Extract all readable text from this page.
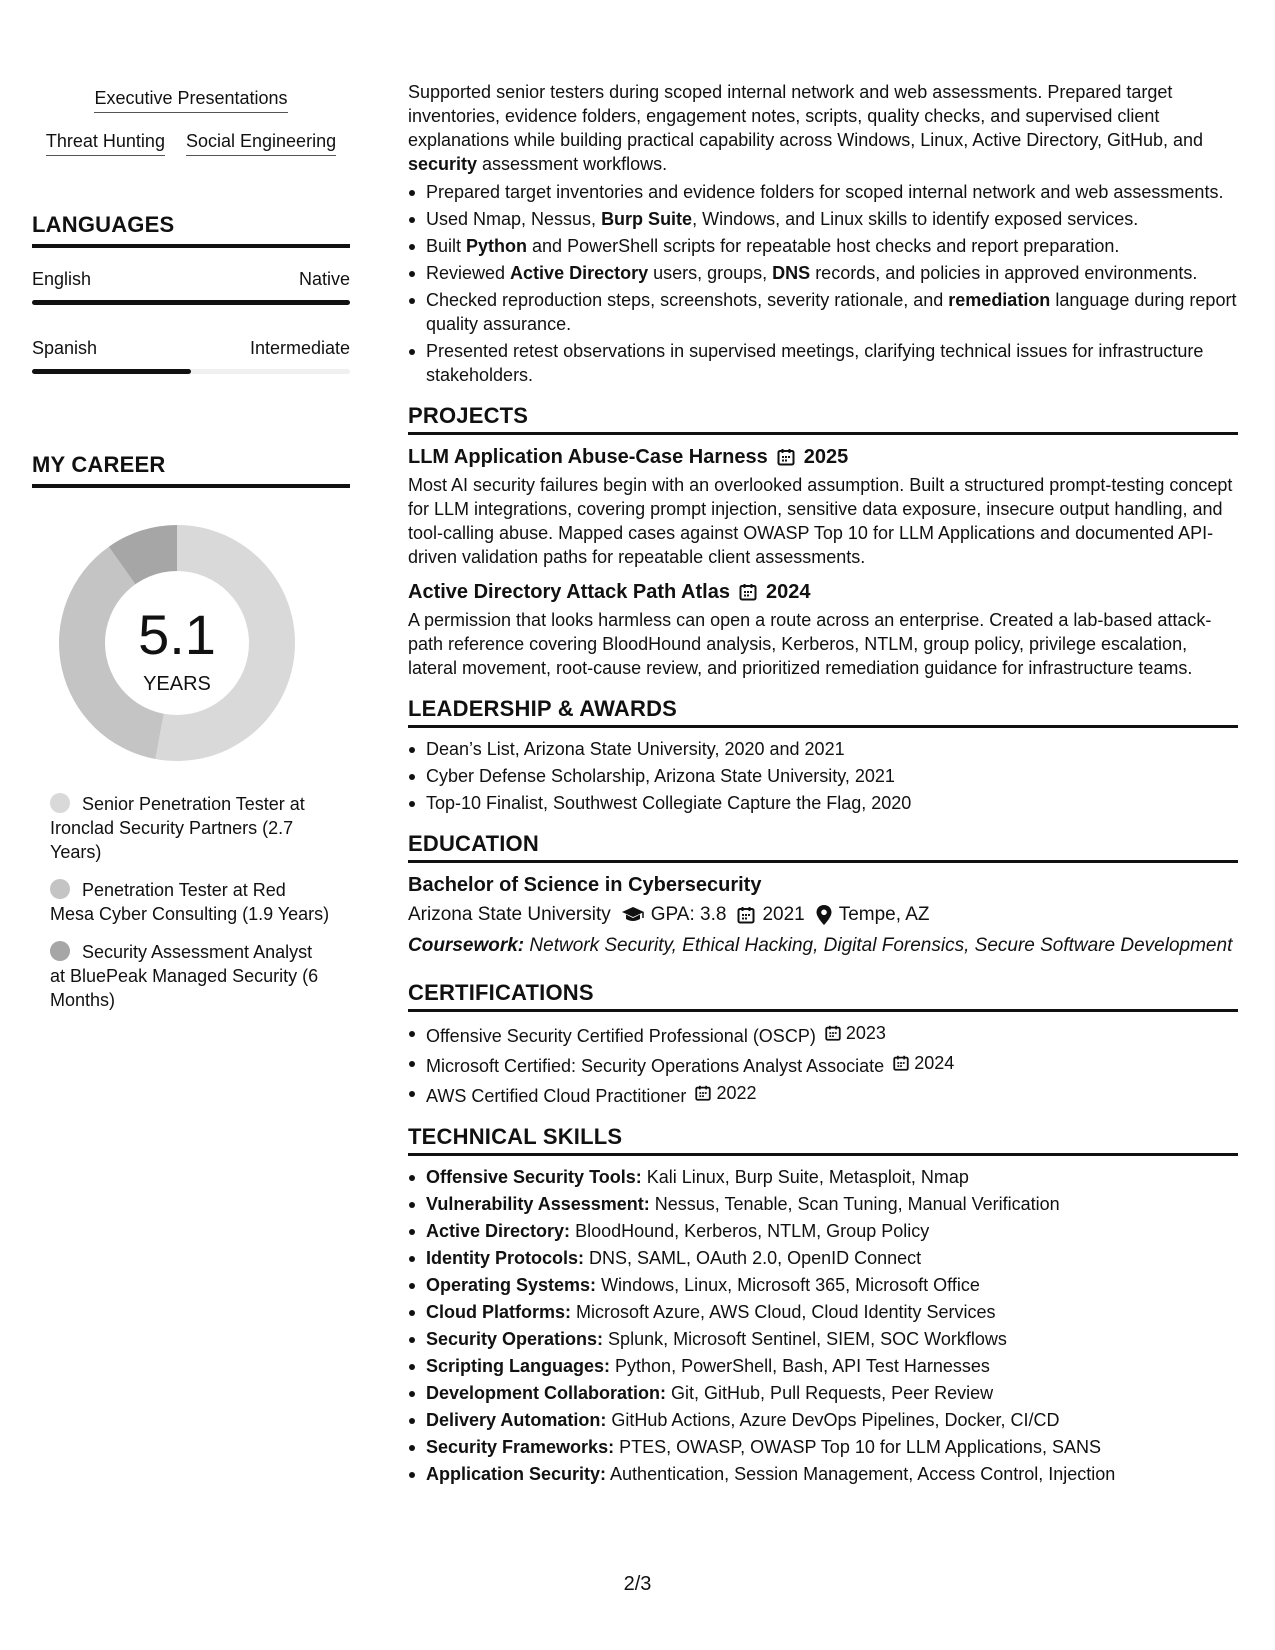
Executive Presentations
Threat Hunting Social Engineering
LANGUAGES
English	Native
Spanish	Intermediate
MY CAREER
5.1
YEARS
Senior Penetration Tester at Ironclad Security Partners (2.7 Years)
Penetration Tester at Red Mesa Cyber Consulting (1.9 Years)
Security Assessment Analyst at BluePeak Managed Security (6 Months)

Supported senior testers during scoped internal network and web assessments. Prepared target inventories, evidence folders, engagement notes, scripts, quality checks, and supervised client explanations while building practical capability across Windows, Linux, Active Directory, GitHub, and security assessment workflows.

Prepared target inventories and evidence folders for scoped internal network and web assessments.
Used Nmap, Nessus, Burp Suite, Windows, and Linux skills to identify exposed services.
Built Python and PowerShell scripts for repeatable host checks and report preparation.
Reviewed Active Directory users, groups, DNS records, and policies in approved environments.
Checked reproduction steps, screenshots, severity rationale, and remediation language during report quality assurance.
Presented retest observations in supervised meetings, clarifying technical issues for infrastructure stakeholders.
PROJECTS
LLM Application Abuse-Case Harness 2025

Most AI security failures begin with an overlooked assumption. Built a structured prompt-testing concept for LLM integrations, covering prompt injection, sensitive data exposure, insecure output handling, and tool-calling abuse. Mapped cases against OWASP Top 10 for LLM Applications and documented API-driven validation paths for repeatable client assessments.

Active Directory Attack Path Atlas 2024

A permission that looks harmless can open a route across an enterprise. Created a lab-based attack-path reference covering BloodHound analysis, Kerberos, NTLM, group policy, privilege escalation, lateral movement, root-cause review, and prioritized remediation guidance for infrastructure teams.

LEADERSHIP & AWARDS
Dean’s List, Arizona State University, 2020 and 2021
Cyber Defense Scholarship, Arizona State University, 2021
Top-10 Finalist, Southwest Collegiate Capture the Flag, 2020
EDUCATION
Bachelor of Science in Cybersecurity
Arizona State University GPA: 3.8 2021 Tempe, AZ

Coursework: Network Security, Ethical Hacking, Digital Forensics, Secure Software Development

CERTIFICATIONS
Offensive Security Certified Professional (OSCP) 2023
Microsoft Certified: Security Operations Analyst Associate 2024
AWS Certified Cloud Practitioner 2022
TECHNICAL SKILLS
Offensive Security Tools: Kali Linux, Burp Suite, Metasploit, Nmap
Vulnerability Assessment: Nessus, Tenable, Scan Tuning, Manual Verification
Active Directory: BloodHound, Kerberos, NTLM, Group Policy
Identity Protocols: DNS, SAML, OAuth 2.0, OpenID Connect
Operating Systems: Windows, Linux, Microsoft 365, Microsoft Office
Cloud Platforms: Microsoft Azure, AWS Cloud, Cloud Identity Services
Security Operations: Splunk, Microsoft Sentinel, SIEM, SOC Workflows
Scripting Languages: Python, PowerShell, Bash, API Test Harnesses
Development Collaboration: Git, GitHub, Pull Requests, Peer Review
Delivery Automation: GitHub Actions, Azure DevOps Pipelines, Docker, CI/CD
Security Frameworks: PTES, OWASP, OWASP Top 10 for LLM Applications, SANS
Application Security: Authentication, Session Management, Access Control, Injection
2/3
